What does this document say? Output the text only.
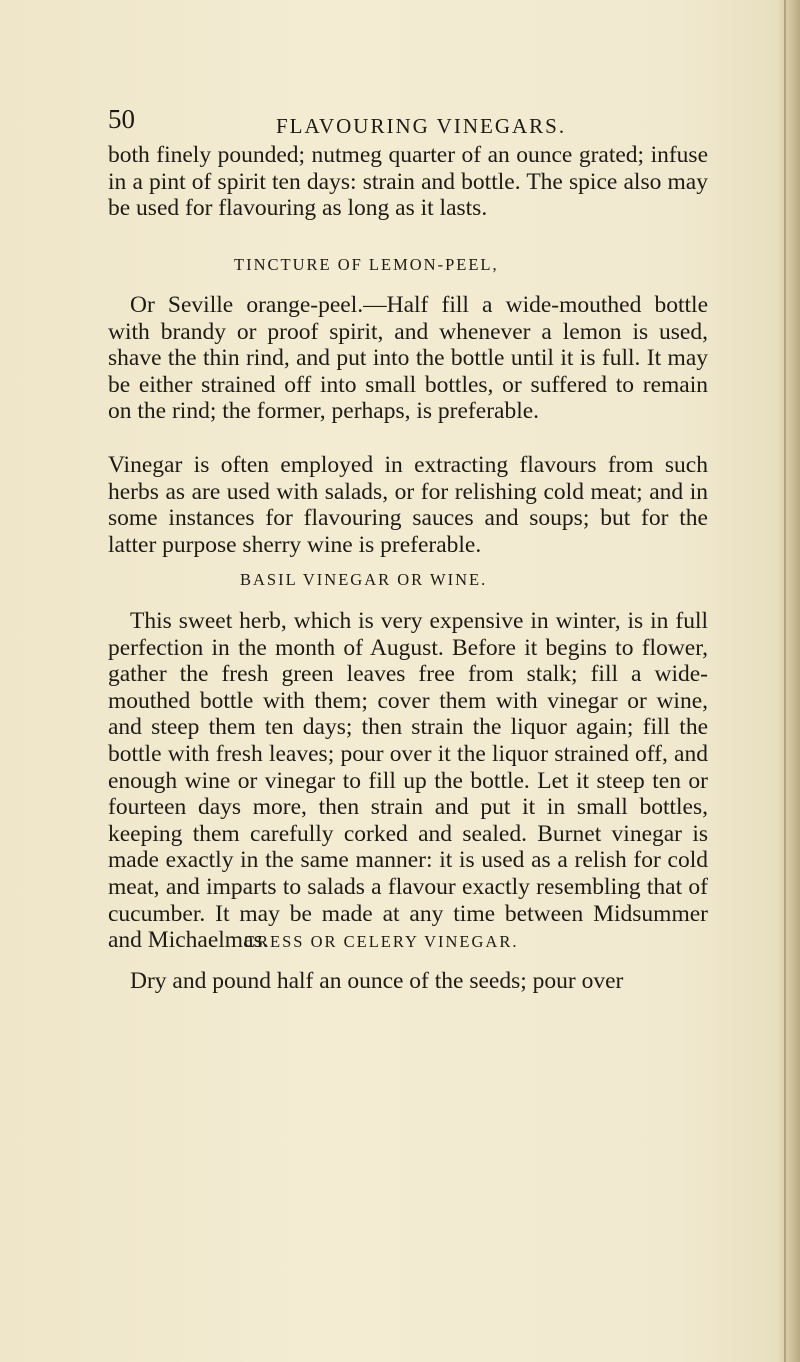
50	FLAVOURING VINEGARS.

both finely pounded; nutmeg quarter of an ounce grated; infuse in a pint of spirit ten days: strain and bottle. The spice also may be used for flavouring as long as it lasts.

TINCTURE OF LEMON-PEEL,

Or Seville orange-peel.—Half fill a wide-mouthed bottle with brandy or proof spirit, and whenever a lemon is used, shave the thin rind, and put into the bottle until it is full. It may be either strained off into small bottles, or suffered to remain on the rind; the former, perhaps, is preferable.

Vinegar is often employed in extracting flavours from such herbs as are used with salads, or for relishing cold meat; and in some instances for flavouring sauces and soups; but for the latter purpose sherry wine is preferable.

BASIL VINEGAR OR WINE.

This sweet herb, which is very expensive in winter, is in full perfection in the month of August. Before it begins to flower, gather the fresh green leaves free from stalk; fill a wide-mouthed bottle with them; cover them with vinegar or wine, and steep them ten days; then strain the liquor again; fill the bottle with fresh leaves; pour over it the liquor strained off, and enough wine or vinegar to fill up the bottle. Let it steep ten or fourteen days more, then strain and put it in small bottles, keeping them carefully corked and sealed. Burnet vinegar is made exactly in the same manner: it is used as a relish for cold meat, and imparts to salads a flavour exactly resembling that of cucumber. It may be made at any time between Midsummer and Michaelmas.

CRESS OR CELERY VINEGAR.

Dry and pound half an ounce of the seeds; pour over
